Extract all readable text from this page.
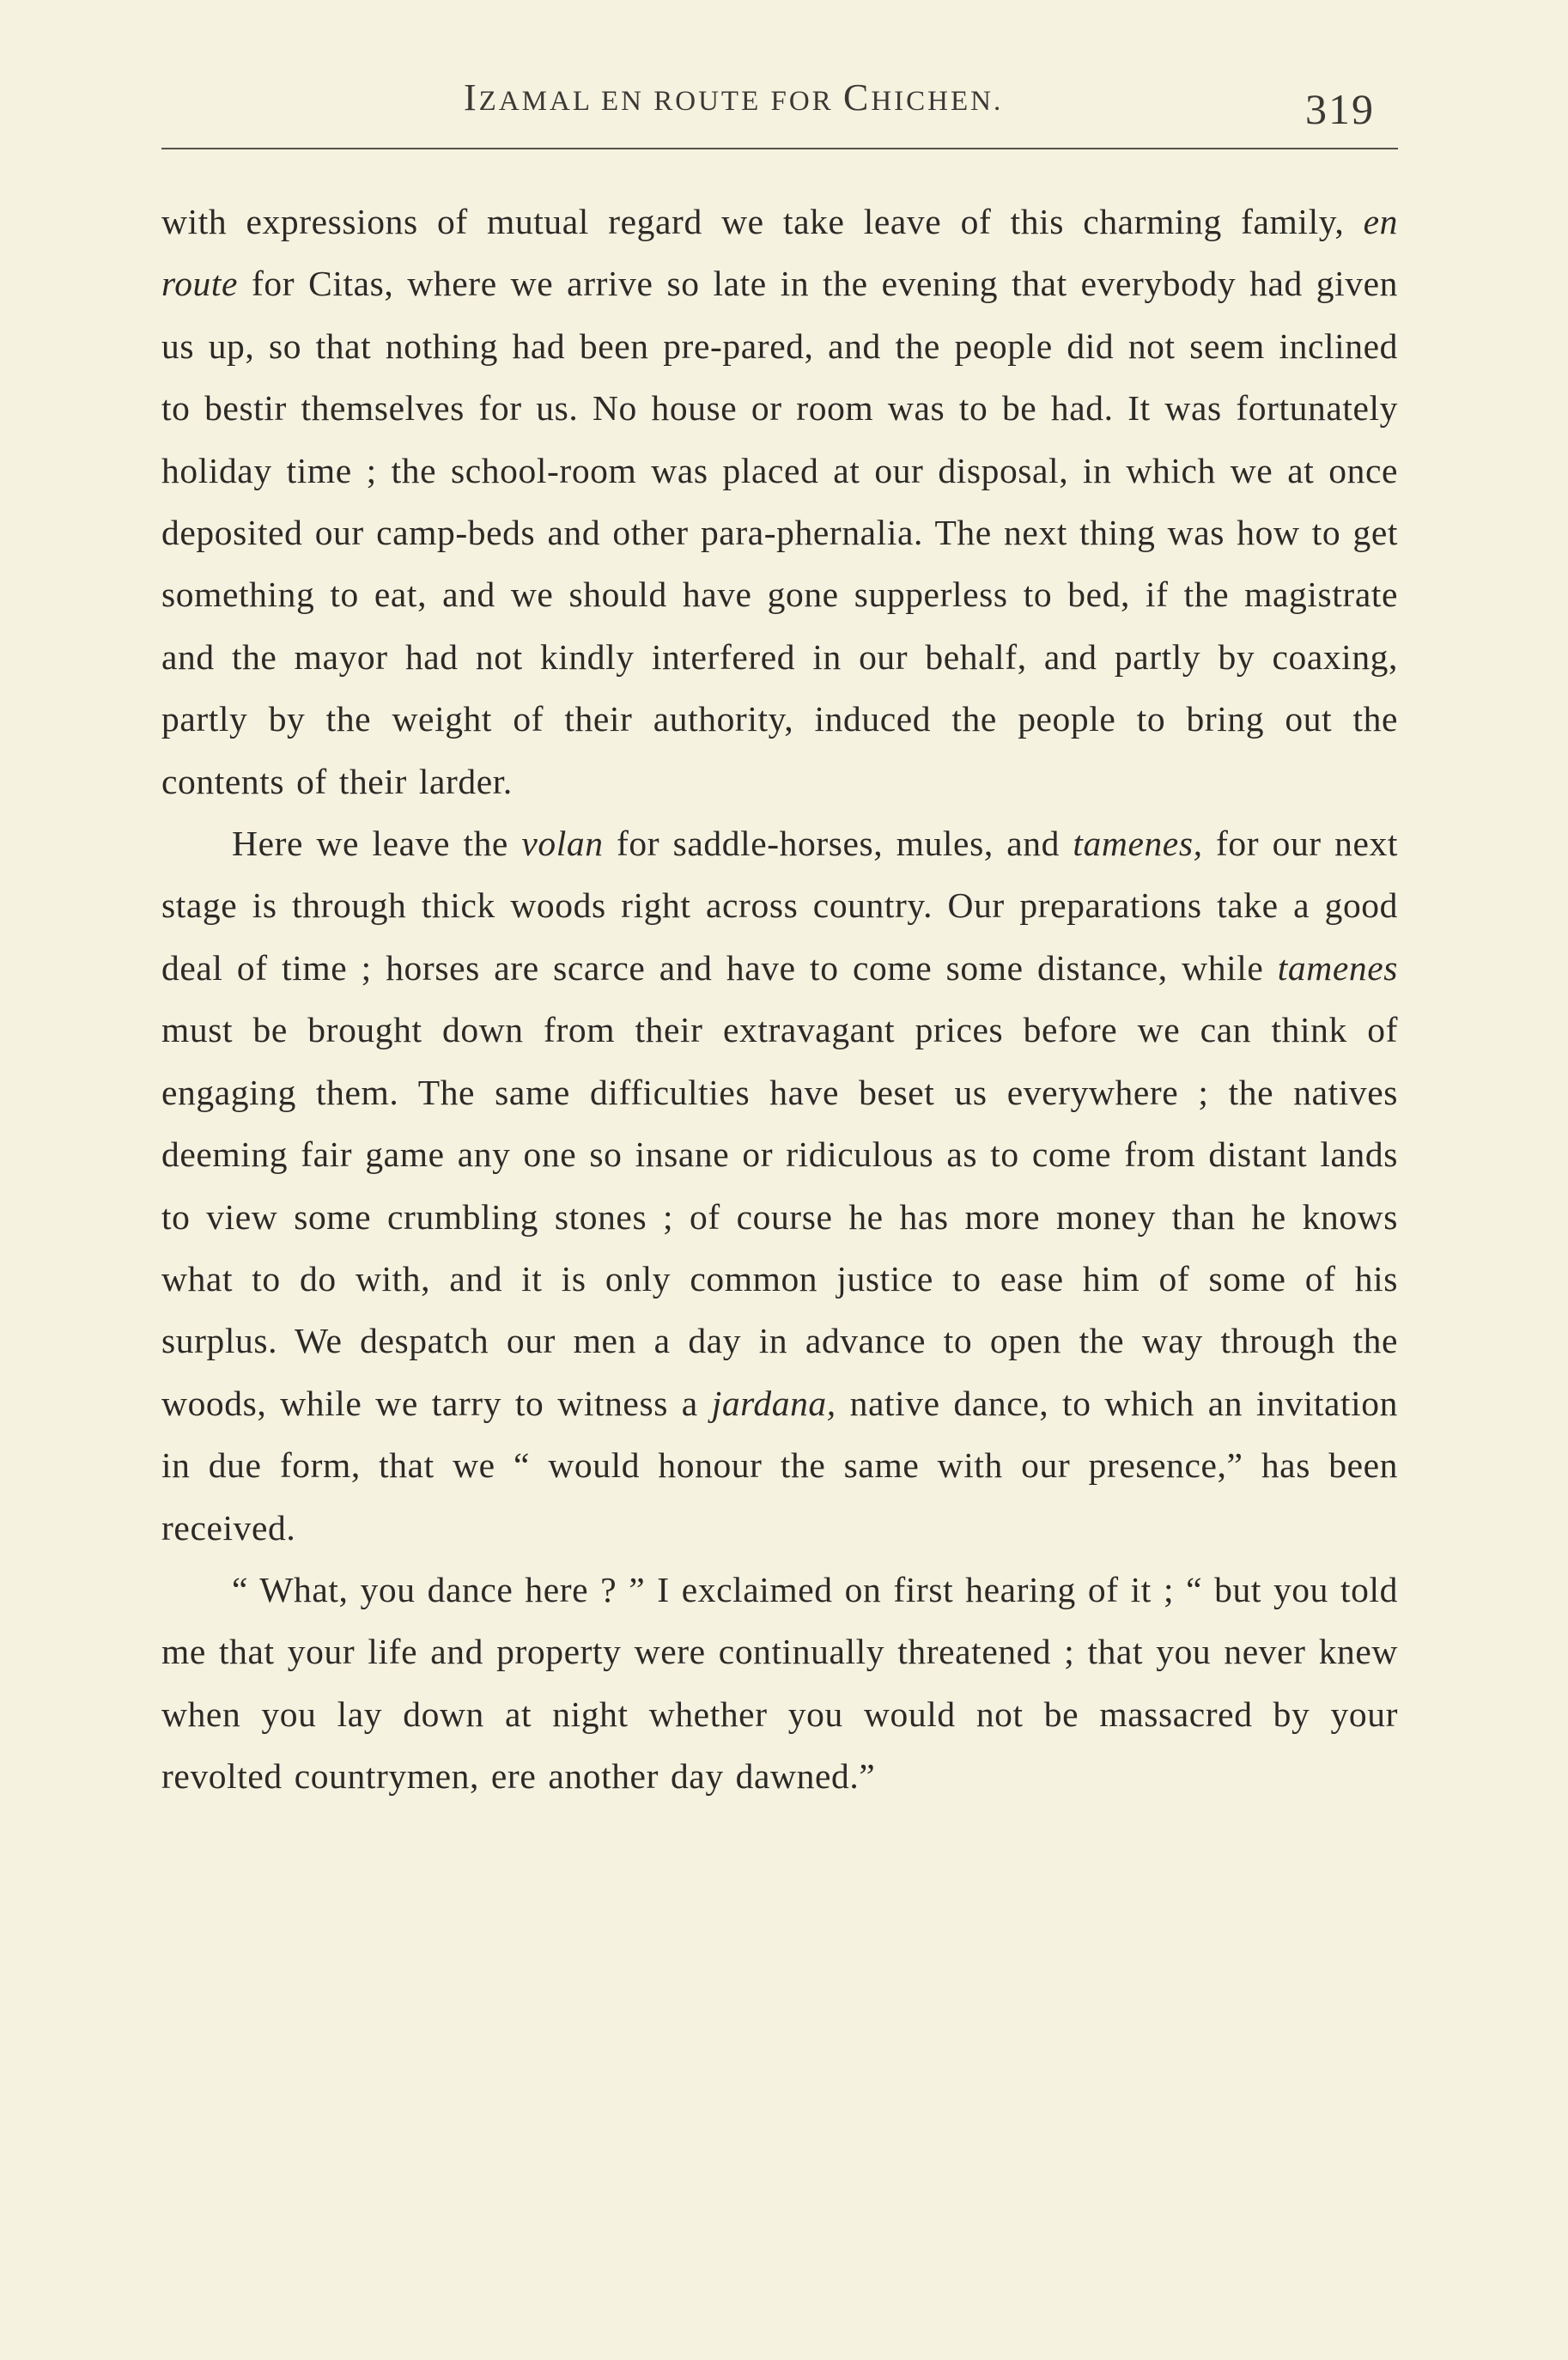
IZAMAL EN ROUTE FOR CHICHEN.	319

with expressions of mutual regard we take leave of this charming family, en route for Citas, where we arrive so late in the evening that everybody had given us up, so that nothing had been pre-pared, and the people did not seem inclined to bestir themselves for us. No house or room was to be had. It was fortunately holiday time ; the school-room was placed at our disposal, in which we at once deposited our camp-beds and other para-phernalia. The next thing was how to get something to eat, and we should have gone supperless to bed, if the magistrate and the mayor had not kindly interfered in our behalf, and partly by coaxing, partly by the weight of their authority, induced the people to bring out the contents of their larder.

Here we leave the volan for saddle-horses, mules, and tamenes, for our next stage is through thick woods right across country. Our preparations take a good deal of time ; horses are scarce and have to come some distance, while tamenes must be brought down from their extravagant prices before we can think of engaging them. The same difficulties have beset us everywhere ; the natives deeming fair game any one so insane or ridiculous as to come from distant lands to view some crumbling stones ; of course he has more money than he knows what to do with, and it is only common justice to ease him of some of his surplus. We despatch our men a day in advance to open the way through the woods, while we tarry to witness a jardana, native dance, to which an invitation in due form, that we “ would honour the same with our presence,” has been received.

“ What, you dance here ? ” I exclaimed on first hearing of it ; “ but you told me that your life and property were continually threatened ; that you never knew when you lay down at night whether you would not be massacred by your revolted countrymen, ere another day dawned.”
